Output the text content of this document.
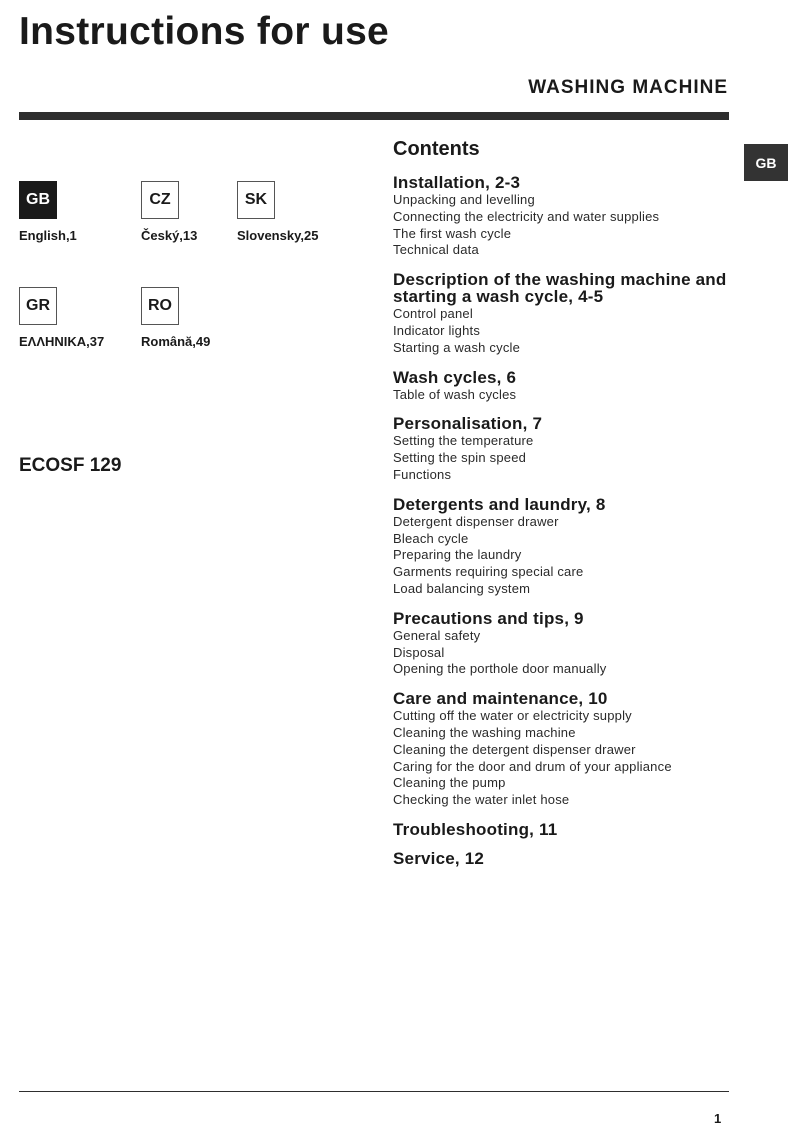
Instructions for use
WASHING MACHINE
GB
GB
English,1
CZ
Český,13
SK
Slovensky,25
GR
ΕΛΛΗΝΙΚΑ,37
RO
Română,49
ECOSF 129
Contents
Installation, 2-3
Unpacking and levelling
Connecting the electricity and water supplies
The first wash cycle
Technical data
Description of the washing machine and starting a wash cycle, 4-5
Control panel
Indicator lights
Starting a wash cycle
Wash cycles, 6
Table of wash cycles
Personalisation, 7
Setting the temperature
Setting the spin speed
Functions
Detergents and laundry, 8
Detergent dispenser drawer
Bleach cycle
Preparing the laundry
Garments requiring special care
Load balancing system
Precautions and tips, 9
General safety
Disposal
Opening the porthole door manually
Care and maintenance, 10
Cutting off the water or electricity supply
Cleaning the washing machine
Cleaning the detergent dispenser drawer
Caring for the door and drum of your appliance
Cleaning the pump
Checking the water inlet hose
Troubleshooting, 11
Service, 12
1
